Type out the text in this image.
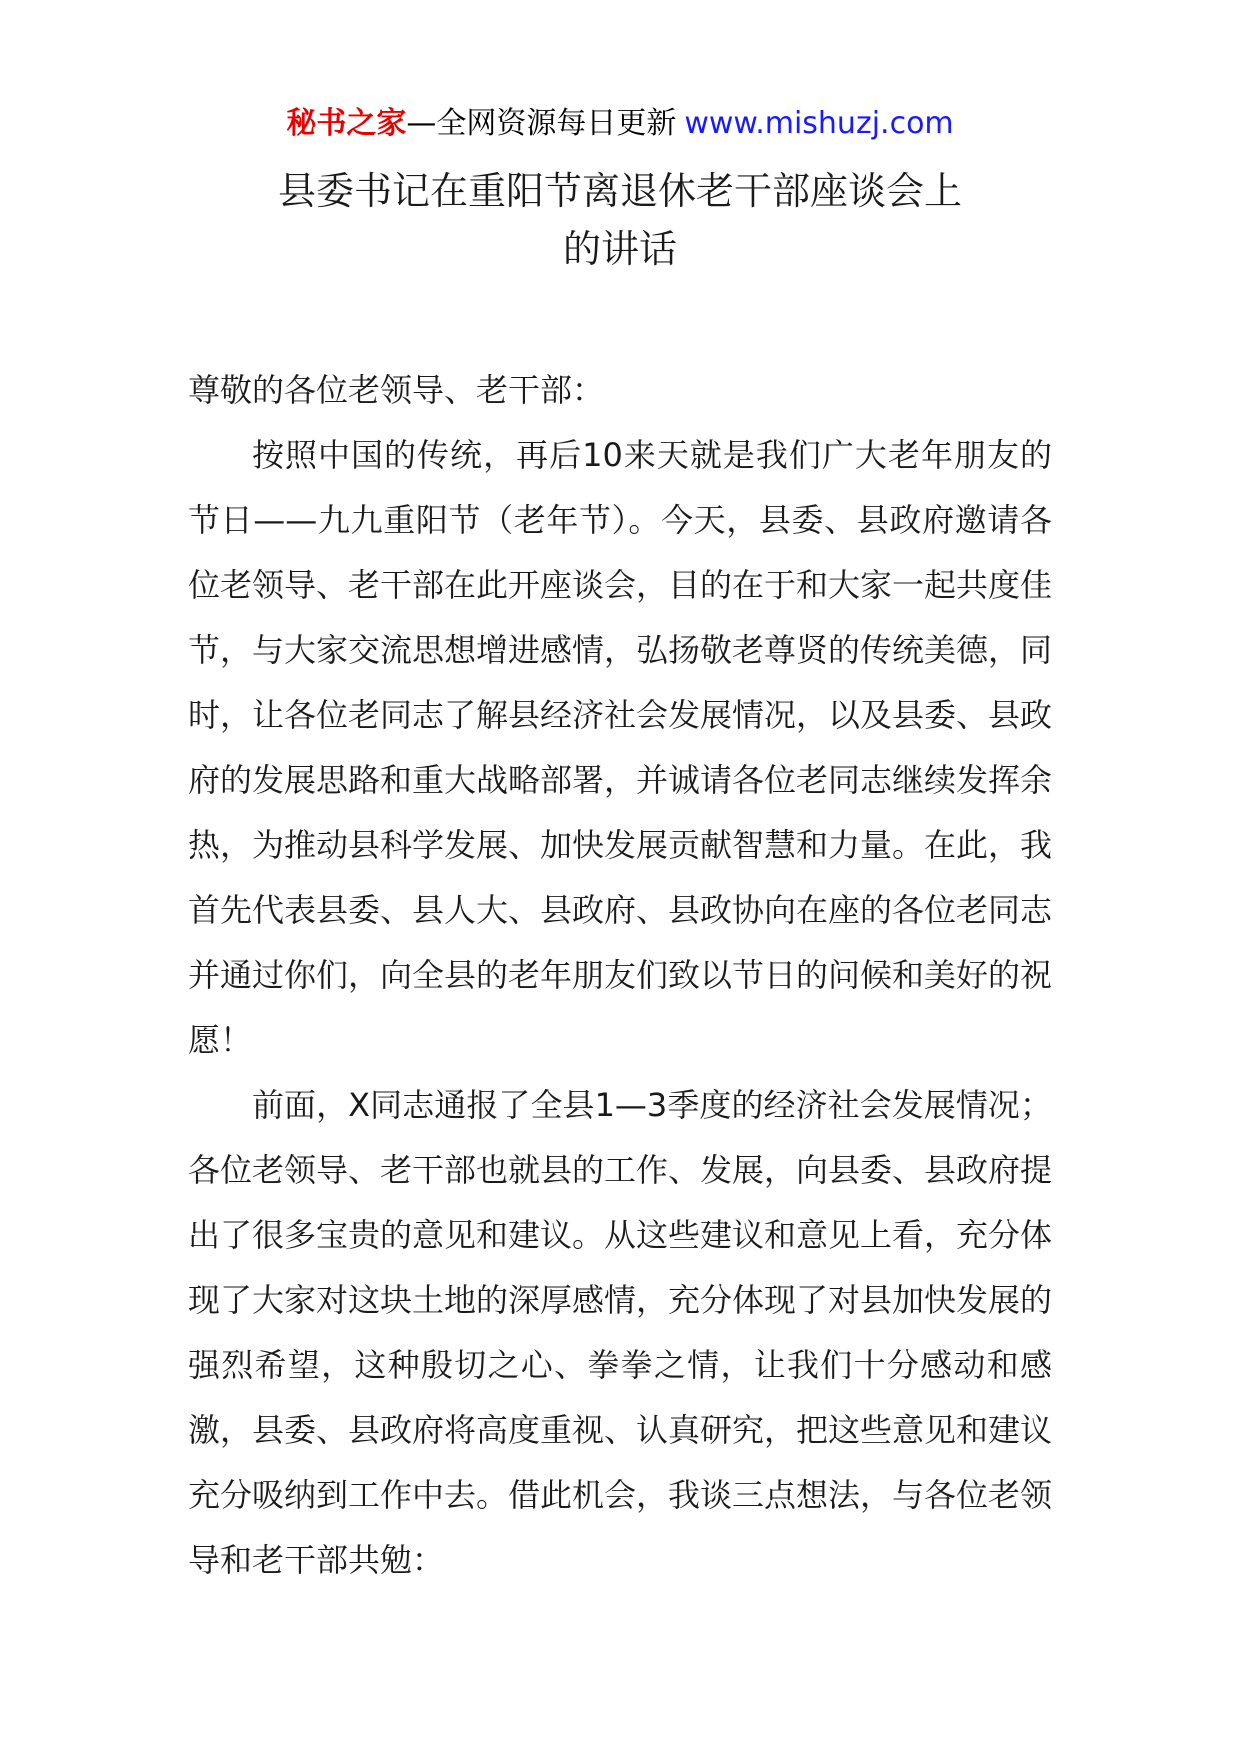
秘书之家—全网资源每日更新 www.mishuzj.com
县委书记在重阳节离退休老干部座谈会上
的讲话

尊敬的各位老领导、老干部：

按照中国的传统，再后10来天就是我们广大老年朋友的节日——九九重阳节（老年节）。今天，县委、县政府邀请各位老领导、老干部在此开座谈会，目的在于和大家一起共度佳节，与大家交流思想增进感情，弘扬敬老尊贤的传统美德，同时，让各位老同志了解县经济社会发展情况，以及县委、县政府的发展思路和重大战略部署，并诚请各位老同志继续发挥余热，为推动县科学发展、加快发展贡献智慧和力量。在此，我首先代表县委、县人大、县政府、县政协向在座的各位老同志并通过你们，向全县的老年朋友们致以节日的问候和美好的祝愿！

前面，X同志通报了全县1—3季度的经济社会发展情况；各位老领导、老干部也就县的工作、发展，向县委、县政府提出了很多宝贵的意见和建议。从这些建议和意见上看，充分体现了大家对这块土地的深厚感情，充分体现了对县加快发展的强烈希望，这种殷切之心、拳拳之情，让我们十分感动和感激，县委、县政府将高度重视、认真研究，把这些意见和建议充分吸纳到工作中去。借此机会，我谈三点想法，与各位老领导和老干部共勉：
